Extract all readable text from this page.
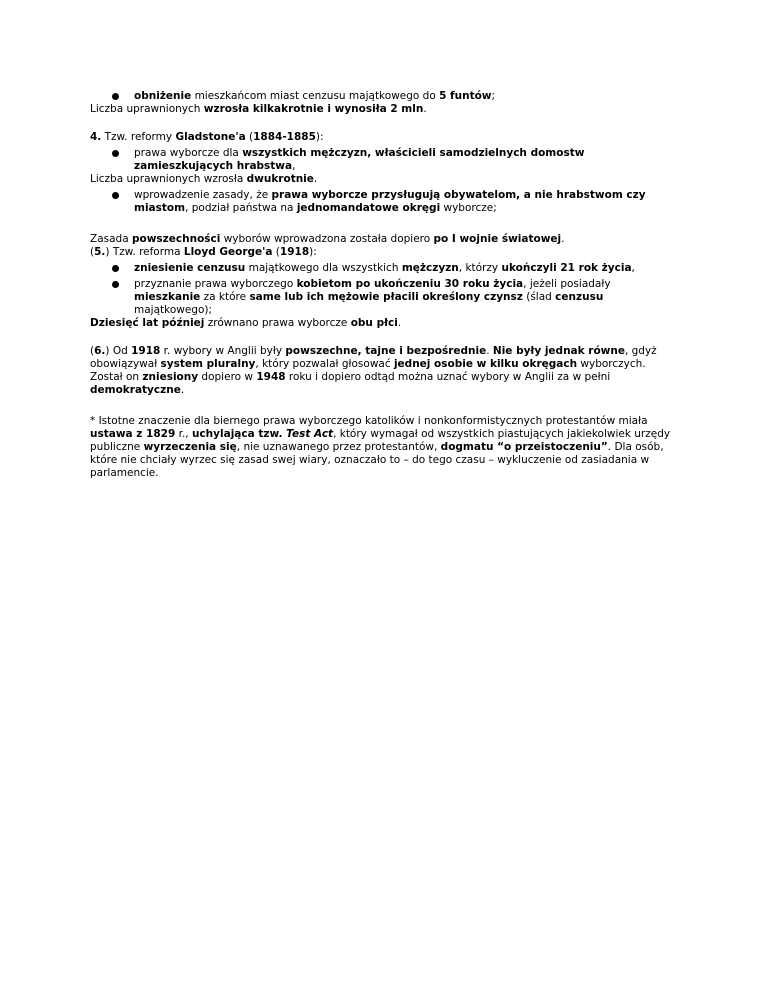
obniżenie mieszkańcom miast cenzusu majątkowego do 5 funtów;

Liczba uprawnionych wzrosła kilkakrotnie i wynosiła 2 mln.

4. Tzw. reformy Gladstone'a (1884-1885):

prawa wyborcze dla wszystkich mężczyzn, właścicieli samodzielnych domostw zamieszkujących hrabstwa,

Liczba uprawnionych wzrosła dwukrotnie.

wprowadzenie zasady, że prawa wyborcze przysługują obywatelom, a nie hrabstwom czy miastom, podział państwa na jednomandatowe okręgi wyborcze;

Zasada powszechności wyborów wprowadzona została dopiero po I wojnie światowej.

(5.) Tzw. reforma Lloyd George'a (1918):

zniesienie cenzusu majątkowego dla wszystkich mężczyzn, którzy ukończyli 21 rok życia,

przyznanie prawa wyborczego kobietom po ukończeniu 30 roku życia, jeżeli posiadały mieszkanie za które same lub ich mężowie płacili określony czynsz (ślad cenzusu majątkowego);

Dziesięć lat później zrównano prawa wyborcze obu płci.

(6.) Od 1918 r. wybory w Anglii były powszechne, tajne i bezpośrednie. Nie były jednak równe, gdyż obowiązywał system pluralny, który pozwalał głosować jednej osobie w kilku okręgach wyborczych. Został on zniesiony dopiero w 1948 roku i dopiero odtąd można uznać wybory w Anglii za w pełni demokratyczne.

* Istotne znaczenie dla biernego prawa wyborczego katolików i nonkonformistycznych protestantów miała ustawa z 1829 r., uchylająca tzw. Test Act, który wymagał od wszystkich piastujących jakiekolwiek urzędy publiczne wyrzeczenia się, nie uznawanego przez protestantów, dogmatu “o przeistoczeniu”. Dla osób, które nie chciały wyrzec się zasad swej wiary, oznaczało to – do tego czasu – wykluczenie od zasiadania w parlamencie.
